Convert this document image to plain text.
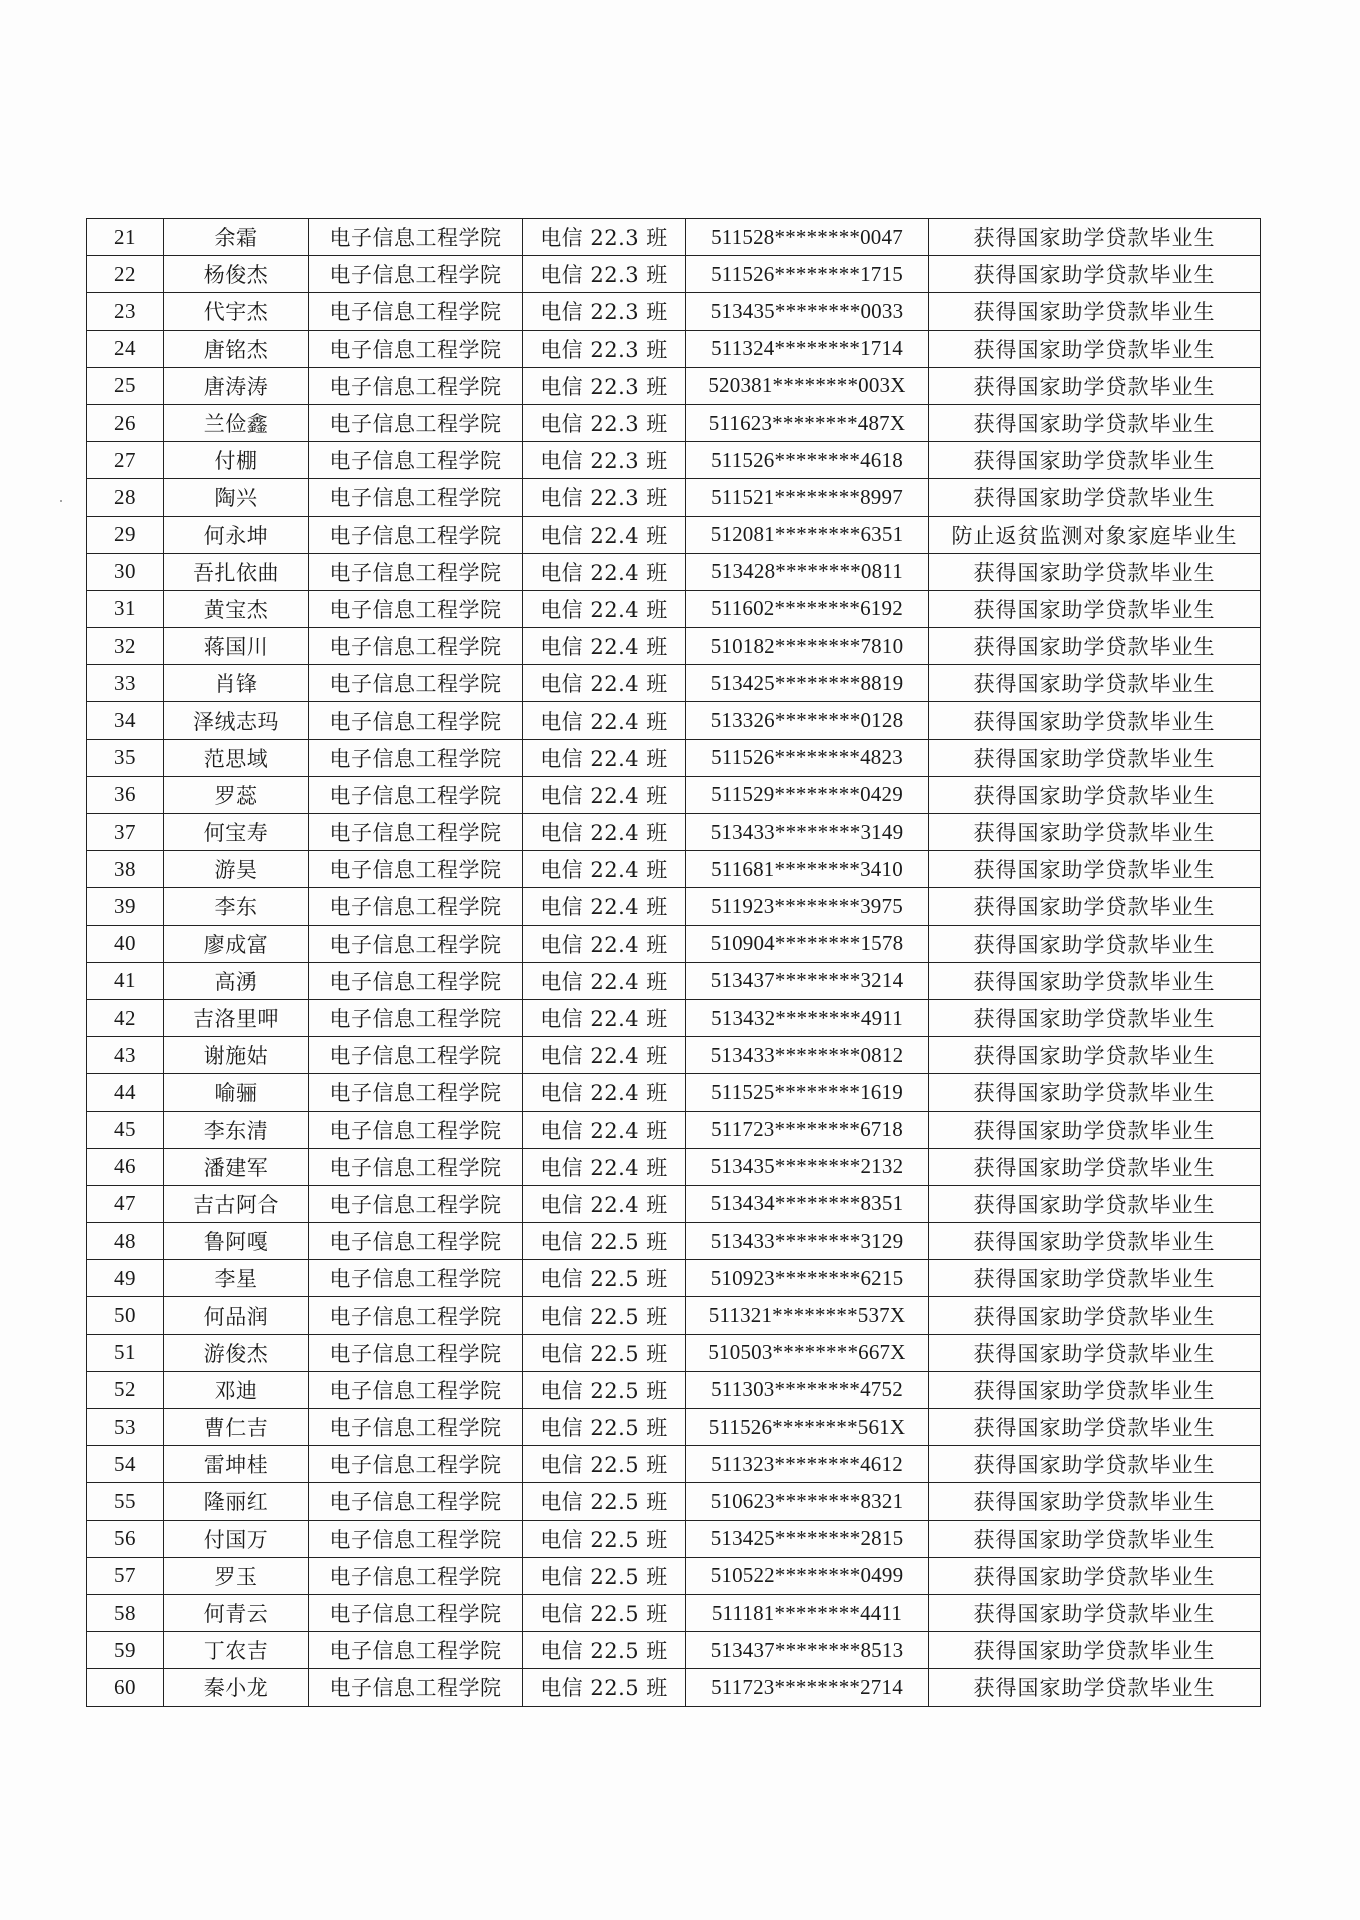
21	余霜	电子信息工程学院	电信 22.3 班	511528********0047	获得国家助学贷款毕业生
22	杨俊杰	电子信息工程学院	电信 22.3 班	511526********1715	获得国家助学贷款毕业生
23	代宇杰	电子信息工程学院	电信 22.3 班	513435********0033	获得国家助学贷款毕业生
24	唐铭杰	电子信息工程学院	电信 22.3 班	511324********1714	获得国家助学贷款毕业生
25	唐涛涛	电子信息工程学院	电信 22.3 班	520381********003X	获得国家助学贷款毕业生
26	兰俭鑫	电子信息工程学院	电信 22.3 班	511623********487X	获得国家助学贷款毕业生
27	付棚	电子信息工程学院	电信 22.3 班	511526********4618	获得国家助学贷款毕业生
28	陶兴	电子信息工程学院	电信 22.3 班	511521********8997	获得国家助学贷款毕业生
29	何永坤	电子信息工程学院	电信 22.4 班	512081********6351	防止返贫监测对象家庭毕业生
30	吾扎依曲	电子信息工程学院	电信 22.4 班	513428********0811	获得国家助学贷款毕业生
31	黄宝杰	电子信息工程学院	电信 22.4 班	511602********6192	获得国家助学贷款毕业生
32	蒋国川	电子信息工程学院	电信 22.4 班	510182********7810	获得国家助学贷款毕业生
33	肖锋	电子信息工程学院	电信 22.4 班	513425********8819	获得国家助学贷款毕业生
34	泽绒志玛	电子信息工程学院	电信 22.4 班	513326********0128	获得国家助学贷款毕业生
35	范思域	电子信息工程学院	电信 22.4 班	511526********4823	获得国家助学贷款毕业生
36	罗蕊	电子信息工程学院	电信 22.4 班	511529********0429	获得国家助学贷款毕业生
37	何宝寿	电子信息工程学院	电信 22.4 班	513433********3149	获得国家助学贷款毕业生
38	游昊	电子信息工程学院	电信 22.4 班	511681********3410	获得国家助学贷款毕业生
39	李东	电子信息工程学院	电信 22.4 班	511923********3975	获得国家助学贷款毕业生
40	廖成富	电子信息工程学院	电信 22.4 班	510904********1578	获得国家助学贷款毕业生
41	高湧	电子信息工程学院	电信 22.4 班	513437********3214	获得国家助学贷款毕业生
42	吉洛里呷	电子信息工程学院	电信 22.4 班	513432********4911	获得国家助学贷款毕业生
43	谢施姑	电子信息工程学院	电信 22.4 班	513433********0812	获得国家助学贷款毕业生
44	喻骊	电子信息工程学院	电信 22.4 班	511525********1619	获得国家助学贷款毕业生
45	李东清	电子信息工程学院	电信 22.4 班	511723********6718	获得国家助学贷款毕业生
46	潘建军	电子信息工程学院	电信 22.4 班	513435********2132	获得国家助学贷款毕业生
47	吉古阿合	电子信息工程学院	电信 22.4 班	513434********8351	获得国家助学贷款毕业生
48	鲁阿嘎	电子信息工程学院	电信 22.5 班	513433********3129	获得国家助学贷款毕业生
49	李星	电子信息工程学院	电信 22.5 班	510923********6215	获得国家助学贷款毕业生
50	何品润	电子信息工程学院	电信 22.5 班	511321********537X	获得国家助学贷款毕业生
51	游俊杰	电子信息工程学院	电信 22.5 班	510503********667X	获得国家助学贷款毕业生
52	邓迪	电子信息工程学院	电信 22.5 班	511303********4752	获得国家助学贷款毕业生
53	曹仁吉	电子信息工程学院	电信 22.5 班	511526********561X	获得国家助学贷款毕业生
54	雷坤桂	电子信息工程学院	电信 22.5 班	511323********4612	获得国家助学贷款毕业生
55	隆丽红	电子信息工程学院	电信 22.5 班	510623********8321	获得国家助学贷款毕业生
56	付国万	电子信息工程学院	电信 22.5 班	513425********2815	获得国家助学贷款毕业生
57	罗玉	电子信息工程学院	电信 22.5 班	510522********0499	获得国家助学贷款毕业生
58	何青云	电子信息工程学院	电信 22.5 班	511181********4411	获得国家助学贷款毕业生
59	丁农吉	电子信息工程学院	电信 22.5 班	513437********8513	获得国家助学贷款毕业生
60	秦小龙	电子信息工程学院	电信 22.5 班	511723********2714	获得国家助学贷款毕业生
